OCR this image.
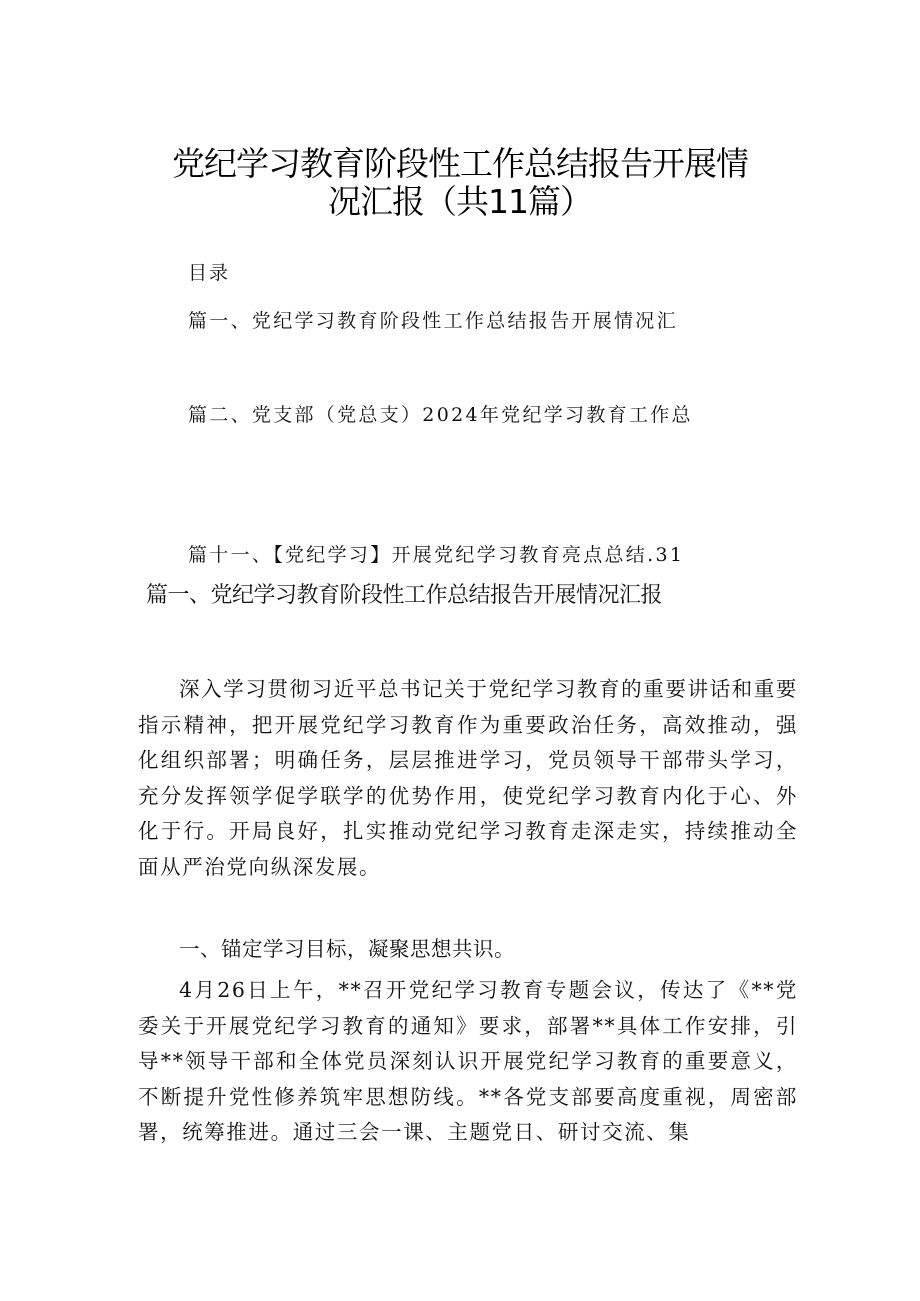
党纪学习教育阶段性工作总结报告开展情
况汇报（共11篇）
目录
篇一、党纪学习教育阶段性工作总结报告开展情况汇
篇二、党支部（党总支）2024年党纪学习教育工作总
篇十一、【党纪学习】开展党纪学习教育亮点总结.31
篇一、党纪学习教育阶段性工作总结报告开展情况汇报
深入学习贯彻习近平总书记关于党纪学习教育的重要讲话和重要指示精神，把开展党纪学习教育作为重要政治任务，高效推动，强化组织部署；明确任务，层层推进学习，党员领导干部带头学习，充分发挥领学促学联学的优势作用，使党纪学习教育内化于心、外化于行。开局良好，扎实推动党纪学习教育走深走实，持续推动全面从严治党向纵深发展。
一、锚定学习目标，凝聚思想共识。
4月26日上午，**召开党纪学习教育专题会议，传达了《**党委关于开展党纪学习教育的通知》要求，部署**具体工作安排，引导**领导干部和全体党员深刻认识开展党纪学习教育的重要意义，不断提升党性修养筑牢思想防线。**各党支部要高度重视，周密部署，统筹推进。通过三会一课、主题党日、研讨交流、集
